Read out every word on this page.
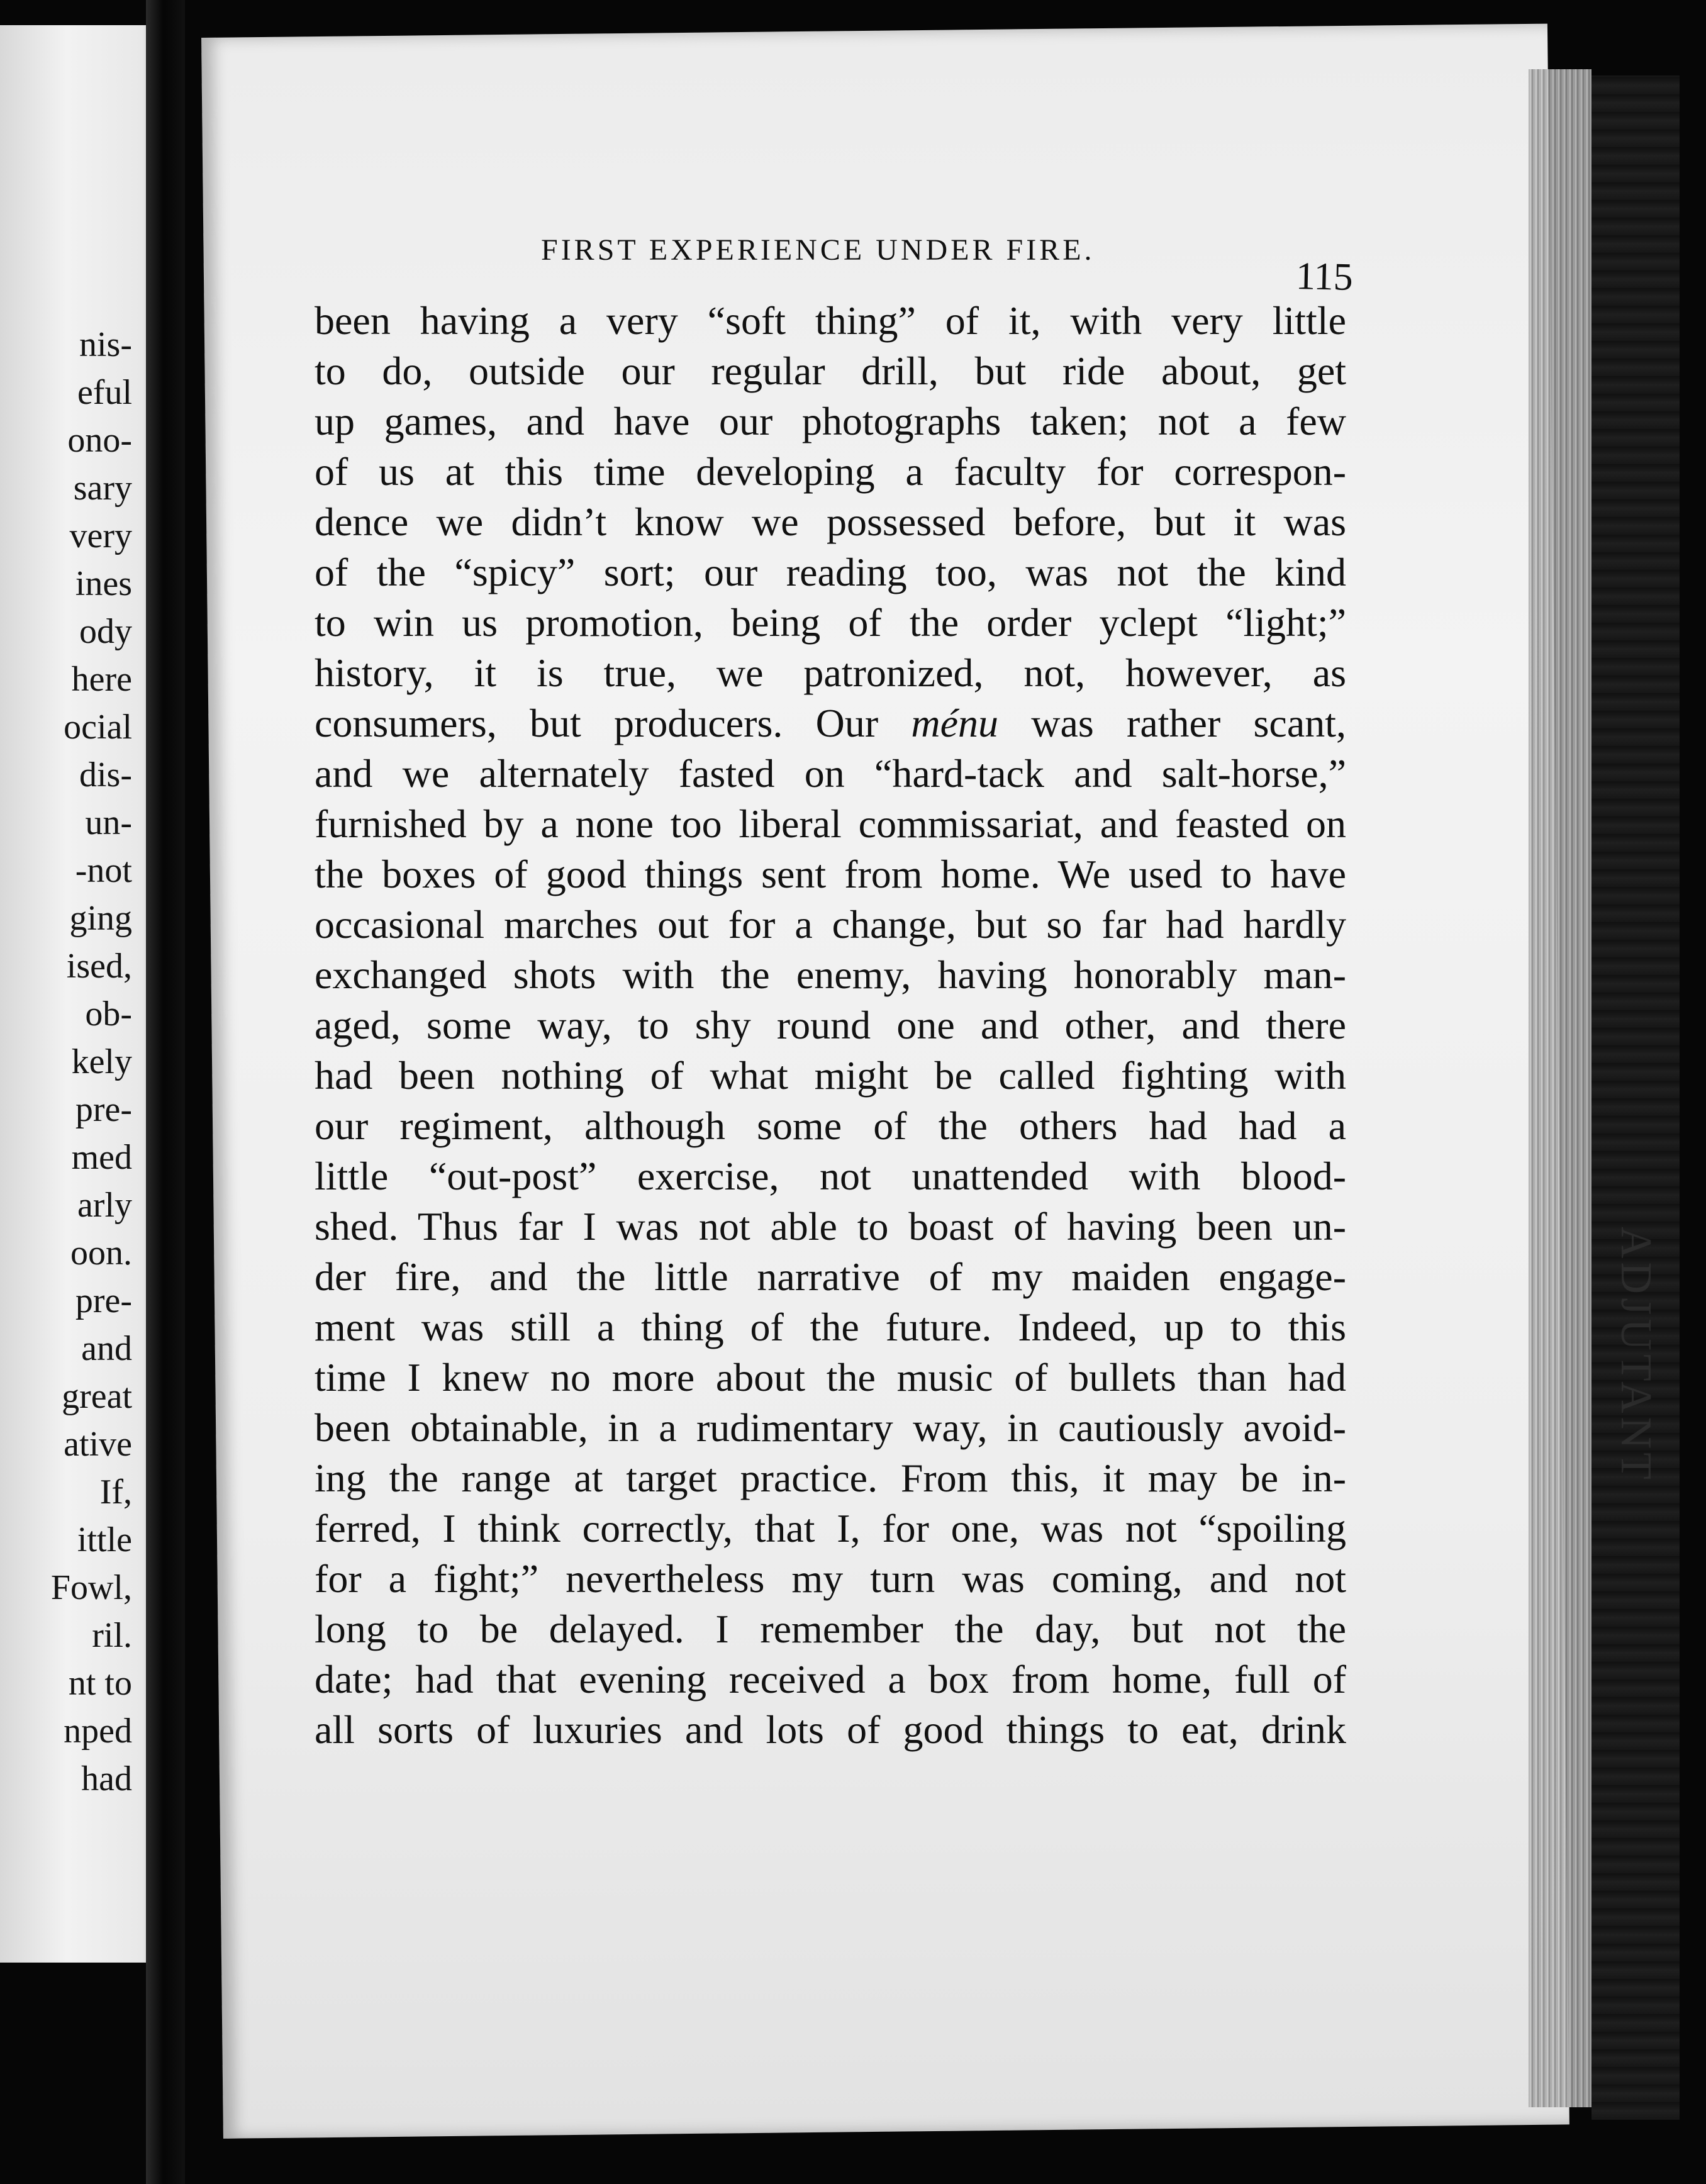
nis-
eful
ono-
sary
very
ines
ody
here
ocial
dis-
un-
-not
ging
ised,
ob-
kely
pre-
med
arly
oon.
pre-
and
great
ative
If,
ittle
Fowl,
ril.
nt to
nped
had
ADJUTANT
FIRST EXPERIENCE UNDER FIRE.
115
been having a very “soft thing” of it, with very little
to do, outside our regular drill, but ride about, get
up games, and have our photographs taken; not a few
of us at this time developing a faculty for correspon-
dence we didn’t know we possessed before, but it was
of the “spicy” sort; our reading too, was not the kind
to win us promotion, being of the order yclept “light;”
history, it is true, we patronized, not, however, as
consumers, but producers. Our ménu was rather scant,
and we alternately fasted on “hard-tack and salt-horse,”
furnished by a none too liberal commissariat, and feasted on
the boxes of good things sent from home. We used to have
occasional marches out for a change, but so far had hardly
exchanged shots with the enemy, having honorably man-
aged, some way, to shy round one and other, and there
had been nothing of what might be called fighting with
our regiment, although some of the others had had a
little “out-post” exercise, not unattended with blood-
shed. Thus far I was not able to boast of having been un-
der fire, and the little narrative of my maiden engage-
ment was still a thing of the future. Indeed, up to this
time I knew no more about the music of bullets than had
been obtainable, in a rudimentary way, in cautiously avoid-
ing the range at target practice. From this, it may be in-
ferred, I think correctly, that I, for one, was not “spoiling
for a fight;” nevertheless my turn was coming, and not
long to be delayed. I remember the day, but not the
date; had that evening received a box from home, full of
all sorts of luxuries and lots of good things to eat, drink
